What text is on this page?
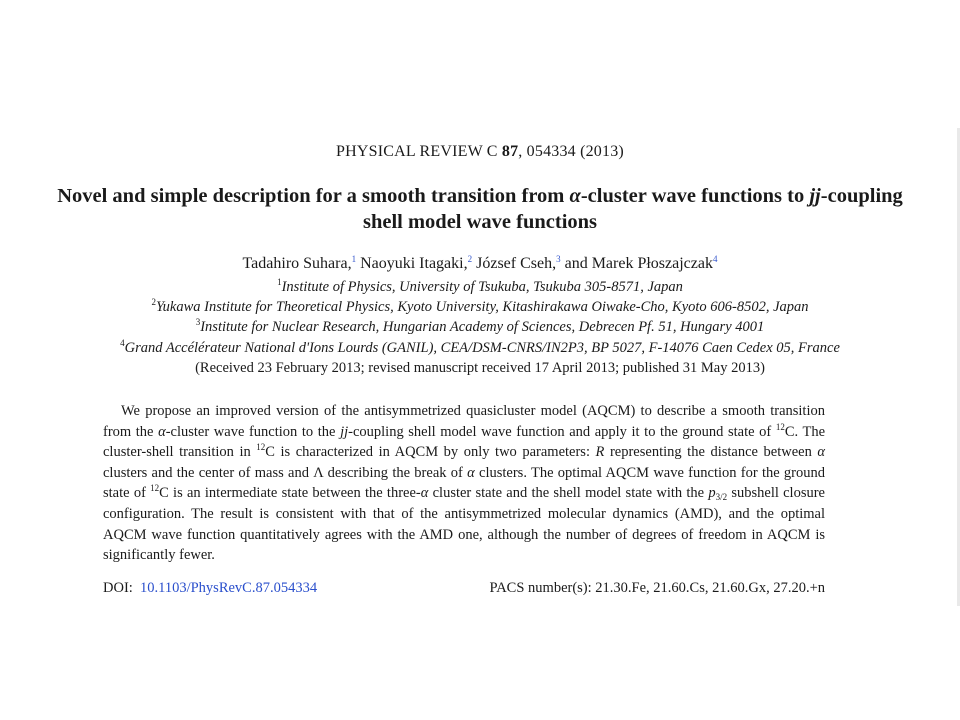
PHYSICAL REVIEW C 87, 054334 (2013)
Novel and simple description for a smooth transition from α-cluster wave functions to jj-coupling
shell model wave functions
Tadahiro Suhara,$^1$ Naoyuki Itagaki,$^2$ József Cseh,$^3$ and Marek Płoszajczak$^4$
$^1$Institute of Physics, University of Tsukuba, Tsukuba 305-8571, Japan
$^2$Yukawa Institute for Theoretical Physics, Kyoto University, Kitashirakawa Oiwake-Cho, Kyoto 606-8502, Japan
$^3$Institute for Nuclear Research, Hungarian Academy of Sciences, Debrecen Pf. 51, Hungary 4001
$^4$Grand Accélérateur National d'Ions Lourds (GANIL), CEA/DSM-CNRS/IN2P3, BP 5027, F-14076 Caen Cedex 05, France
(Received 23 February 2013; revised manuscript received 17 April 2013; published 31 May 2013)
We propose an improved version of the antisymmetrized quasicluster model (AQCM) to describe a smooth transition from the α-cluster wave function to the jj-coupling shell model wave function and apply it to the ground state of $^{12}$C. The cluster-shell transition in $^{12}$C is characterized in AQCM by only two parameters: R representing the distance between α clusters and the center of mass and Λ describing the break of α clusters. The optimal AQCM wave function for the ground state of $^{12}$C is an intermediate state between the three-α cluster state and the shell model state with the $p_{3/2}$ subshell closure configuration. The result is consistent with that of the antisymmetrized molecular dynamics (AMD), and the optimal AQCM wave function quantitatively agrees with the AMD one, although the number of degrees of freedom in AQCM is significantly fewer.
DOI: 10.1103/PhysRevC.87.054334	PACS number(s): 21.30.Fe, 21.60.Cs, 21.60.Gx, 27.20.+n
